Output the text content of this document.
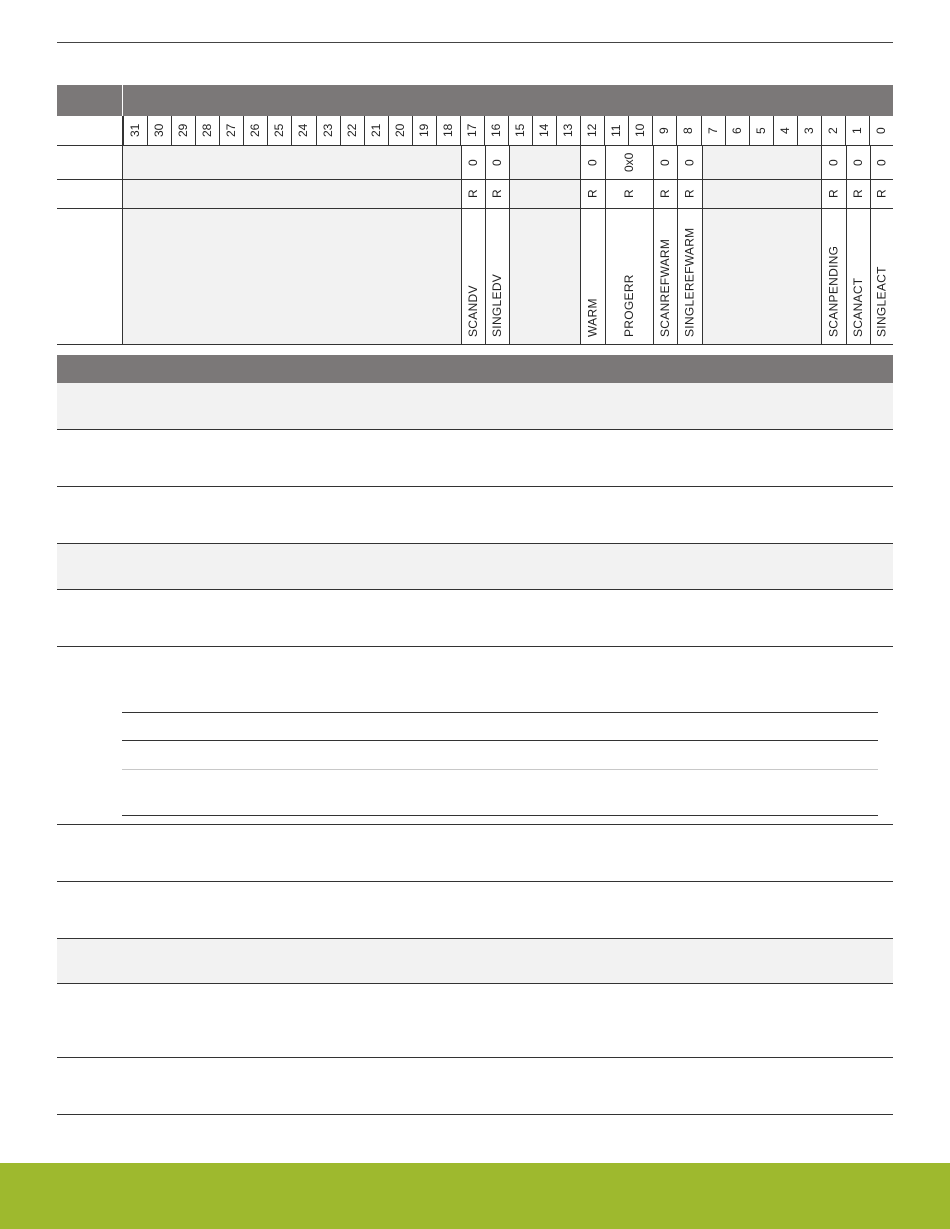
31 30 29 28 27 26 25 24 23 22 21 20 19 18 17 16 15 14 13 12 11 10 9 8 7 6 5 4 3 2 1 0
0 0	0	0x0	0 0	0 0 0
R R	R	R	R R	R R R
SCANDV SINGLEDV	WARM	PROGERR	SCANREFWARM SINGLEREFWARM	SCANPENDING SCANACT SINGLEACT
